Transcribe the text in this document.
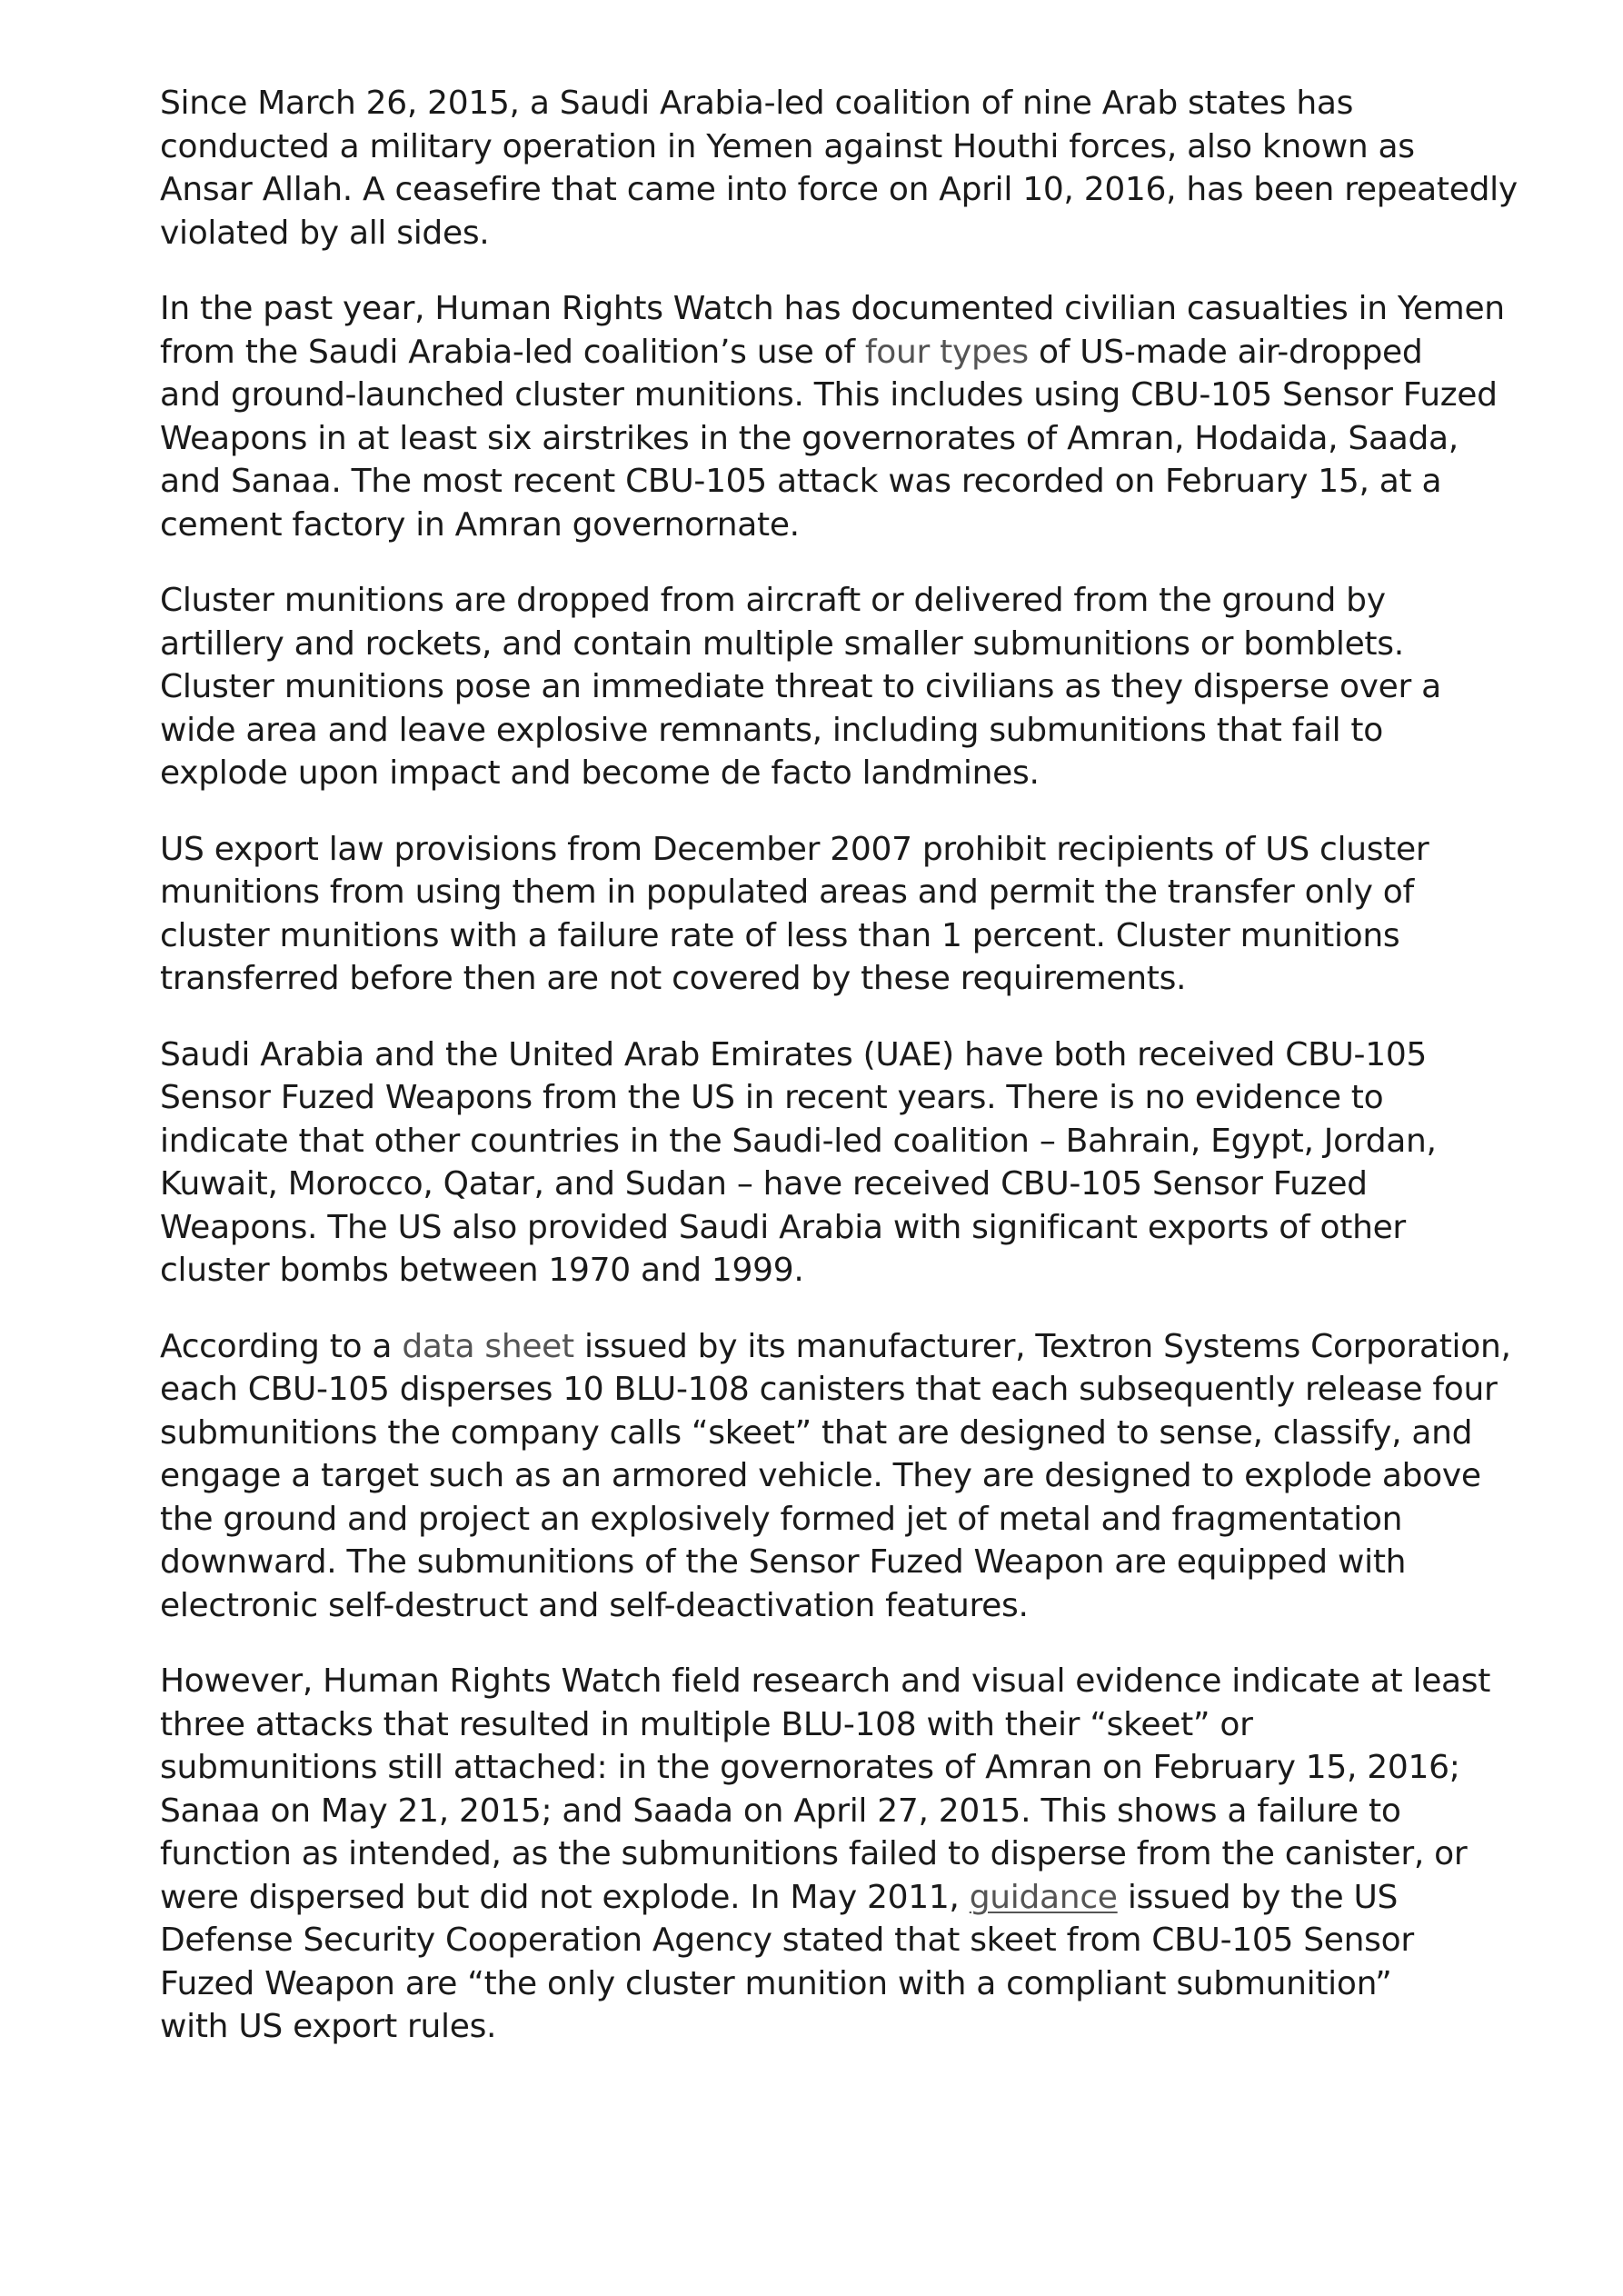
Since March 26, 2015, a Saudi Arabia-led coalition of nine Arab states has
conducted a military operation in Yemen against Houthi forces, also known as
Ansar Allah. A ceasefire that came into force on April 10, 2016, has been repeatedly
violated by all sides.

In the past year, Human Rights Watch has documented civilian casualties in Yemen
from the Saudi Arabia-led coalition’s use of four types of US-made air-dropped
and ground-launched cluster munitions. This includes using CBU-105 Sensor Fuzed
Weapons in at least six airstrikes in the governorates of Amran, Hodaida, Saada,
and Sanaa. The most recent CBU-105 attack was recorded on February 15, at a
cement factory in Amran governornate.

Cluster munitions are dropped from aircraft or delivered from the ground by
artillery and rockets, and contain multiple smaller submunitions or bomblets.
Cluster munitions pose an immediate threat to civilians as they disperse over a
wide area and leave explosive remnants, including submunitions that fail to
explode upon impact and become de facto landmines.

US export law provisions from December 2007 prohibit recipients of US cluster
munitions from using them in populated areas and permit the transfer only of
cluster munitions with a failure rate of less than 1 percent. Cluster munitions
transferred before then are not covered by these requirements.

Saudi Arabia and the United Arab Emirates (UAE) have both received CBU-105
Sensor Fuzed Weapons from the US in recent years. There is no evidence to
indicate that other countries in the Saudi-led coalition – Bahrain, Egypt, Jordan,
Kuwait, Morocco, Qatar, and Sudan – have received CBU-105 Sensor Fuzed
Weapons. The US also provided Saudi Arabia with significant exports of other
cluster bombs between 1970 and 1999.

According to a data sheet issued by its manufacturer, Textron Systems Corporation,
each CBU-105 disperses 10 BLU-108 canisters that each subsequently release four
submunitions the company calls “skeet” that are designed to sense, classify, and
engage a target such as an armored vehicle. They are designed to explode above
the ground and project an explosively formed jet of metal and fragmentation
downward. The submunitions of the Sensor Fuzed Weapon are equipped with
electronic self-destruct and self-deactivation features.

However, Human Rights Watch field research and visual evidence indicate at least
three attacks that resulted in multiple BLU-108 with their “skeet” or
submunitions still attached: in the governorates of Amran on February 15, 2016;
Sanaa on May 21, 2015; and Saada on April 27, 2015. This shows a failure to
function as intended, as the submunitions failed to disperse from the canister, or
were dispersed but did not explode. In May 2011, guidance issued by the US
Defense Security Cooperation Agency stated that skeet from CBU-105 Sensor
Fuzed Weapon are “the only cluster munition with a compliant submunition”
with US export rules.
